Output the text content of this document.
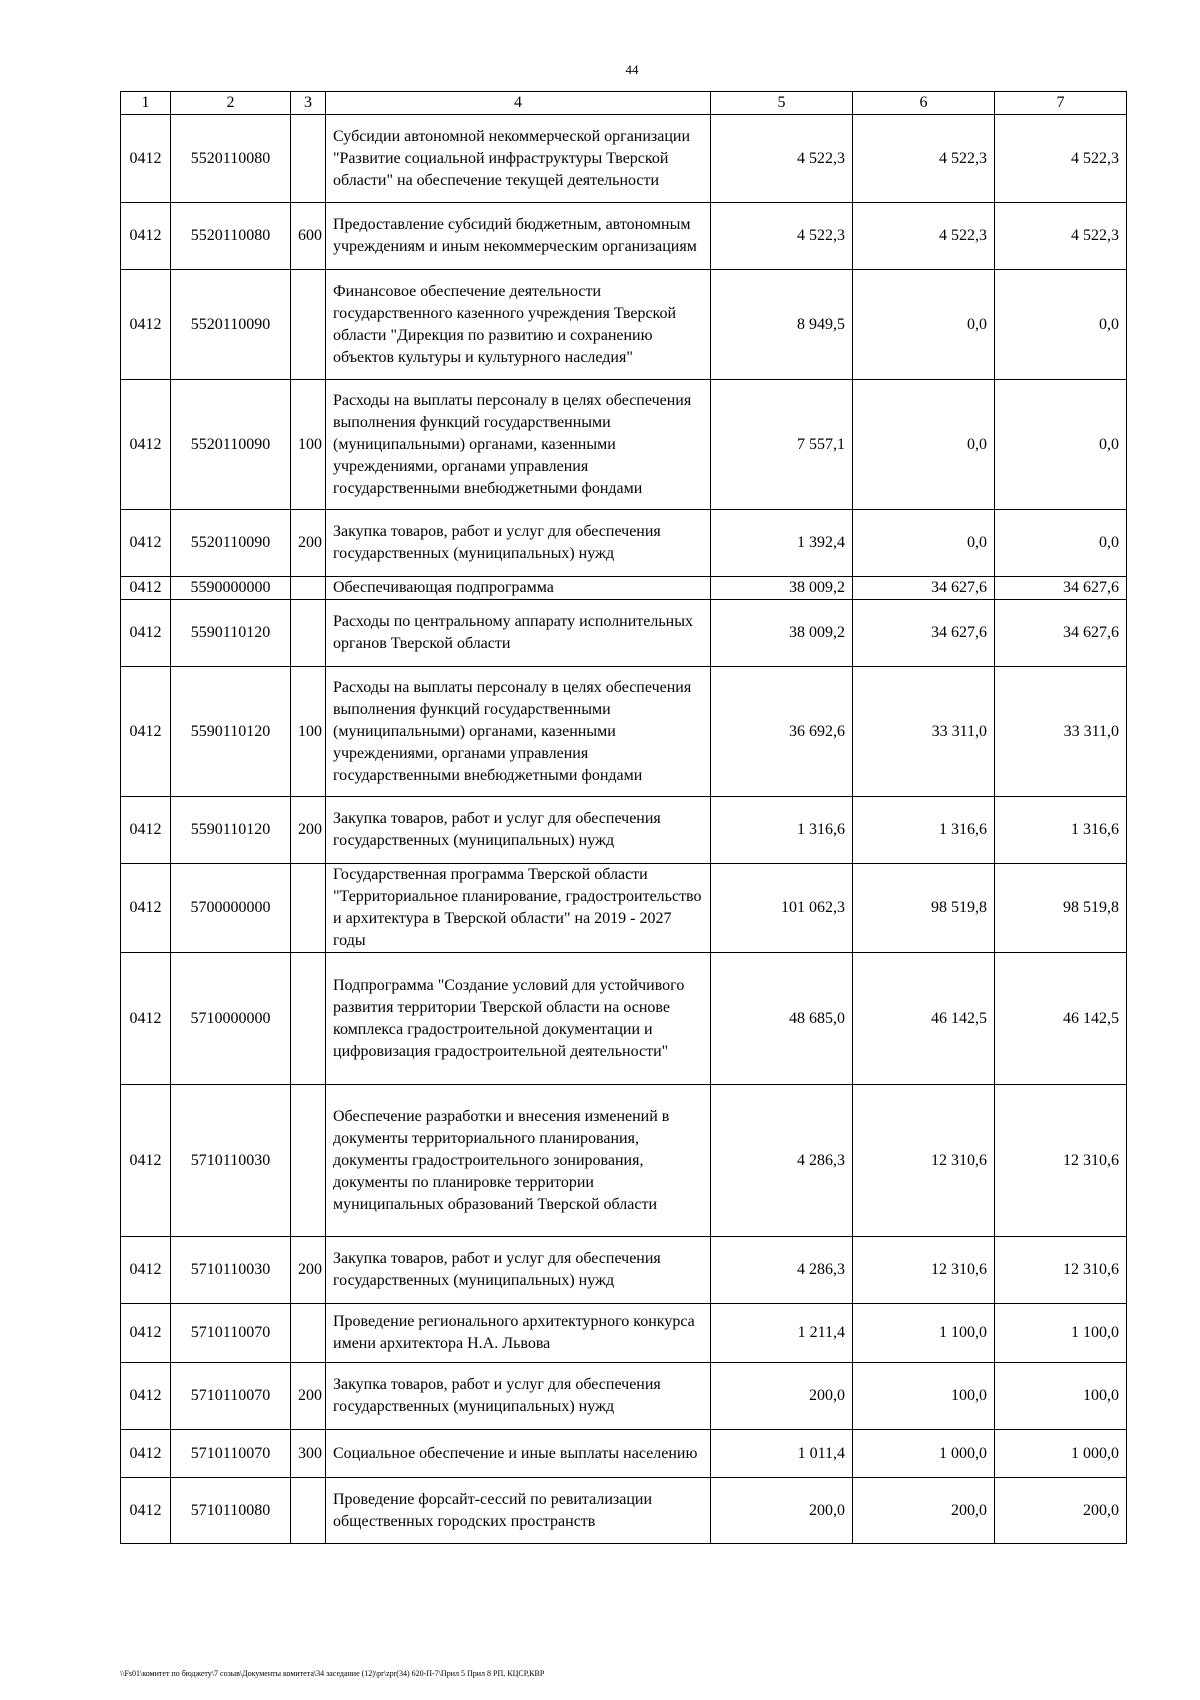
44
1	2	3	4	5	6	7
0412	5520110080		Субсидии автономной некоммерческой организации "Развитие социальной инфраструктуры Тверской области" на обеспечение текущей деятельности	4 522,3	4 522,3	4 522,3
0412	5520110080	600	Предоставление субсидий бюджетным, автономным учреждениям и иным некоммерческим организациям	4 522,3	4 522,3	4 522,3
0412	5520110090		Финансовое обеспечение деятельности государственного казенного учреждения Тверской области "Дирекция по развитию и сохранению объектов культуры и культурного наследия"	8 949,5	0,0	0,0
0412	5520110090	100	Расходы на выплаты персоналу в целях обеспечения выполнения функций государственными (муниципальными) органами, казенными учреждениями, органами управления государственными внебюджетными фондами	7 557,1	0,0	0,0
0412	5520110090	200	Закупка товаров, работ и услуг для обеспечения государственных (муниципальных) нужд	1 392,4	0,0	0,0
0412	5590000000		Обеспечивающая подпрограмма	38 009,2	34 627,6	34 627,6
0412	5590110120		Расходы по центральному аппарату исполнительных органов Тверской области	38 009,2	34 627,6	34 627,6
0412	5590110120	100	Расходы на выплаты персоналу в целях обеспечения выполнения функций государственными (муниципальными) органами, казенными учреждениями, органами управления государственными внебюджетными фондами	36 692,6	33 311,0	33 311,0
0412	5590110120	200	Закупка товаров, работ и услуг для обеспечения государственных (муниципальных) нужд	1 316,6	1 316,6	1 316,6
0412	5700000000		Государственная программа Тверской области "Территориальное планирование, градостроительство и архитектура в Тверской области" на 2019 - 2027 годы	101 062,3	98 519,8	98 519,8
0412	5710000000		Подпрограмма "Создание условий для устойчивого развития территории Тверской области на основе комплекса градостроительной документации и цифровизация градостроительной деятельности"	48 685,0	46 142,5	46 142,5
0412	5710110030		Обеспечение разработки и внесения изменений в документы территориального планирования, документы градостроительного зонирования, документы по планировке территории муниципальных образований Тверской области	4 286,3	12 310,6	12 310,6
0412	5710110030	200	Закупка товаров, работ и услуг для обеспечения государственных (муниципальных) нужд	4 286,3	12 310,6	12 310,6
0412	5710110070		Проведение регионального архитектурного конкурса имени архитектора Н.А. Львова	1 211,4	1 100,0	1 100,0
0412	5710110070	200	Закупка товаров, работ и услуг для обеспечения государственных (муниципальных) нужд	200,0	100,0	100,0
0412	5710110070	300	Социальное обеспечение и иные выплаты населению	1 011,4	1 000,0	1 000,0
0412	5710110080		Проведение форсайт-сессий по ревитализации общественных городских пространств	200,0	200,0	200,0
\\Fs01\комитет по бюджету\7 созыв\Документы комитета\34 заседание (12)\pr\zpr(34) 620-П-7\Прил 5 Прил 8 РП, КЦСР,КВР
